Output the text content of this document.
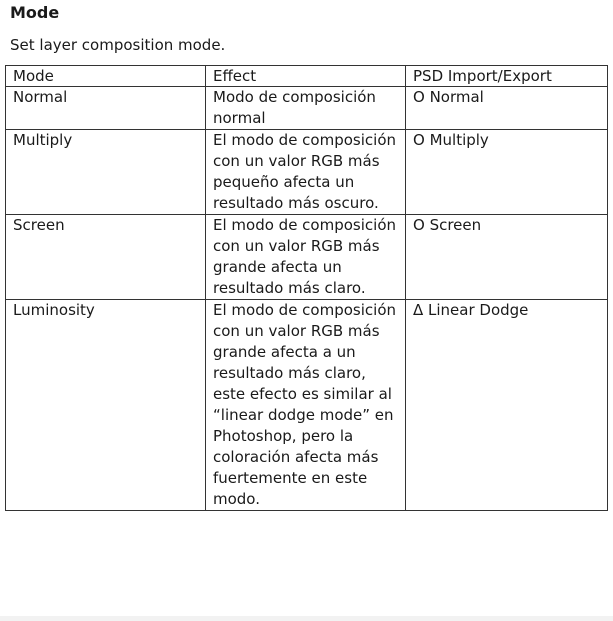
Mode

Set layer composition mode.

Mode	Effect	PSD Import/Export
Normal	Modo de composición normal	O Normal
Multiply	El modo de composición con un valor RGB más pequeño afecta un resultado más oscuro.	O Multiply
Screen	El modo de composición con un valor RGB más grande afecta un resultado más claro.	O Screen
Luminosity	El modo de composición con un valor RGB más grande afecta a un resultado más claro, este efecto es similar al “linear dodge mode” en Photoshop, pero la coloración afecta más fuertemente en este modo.	Δ Linear Dodge
